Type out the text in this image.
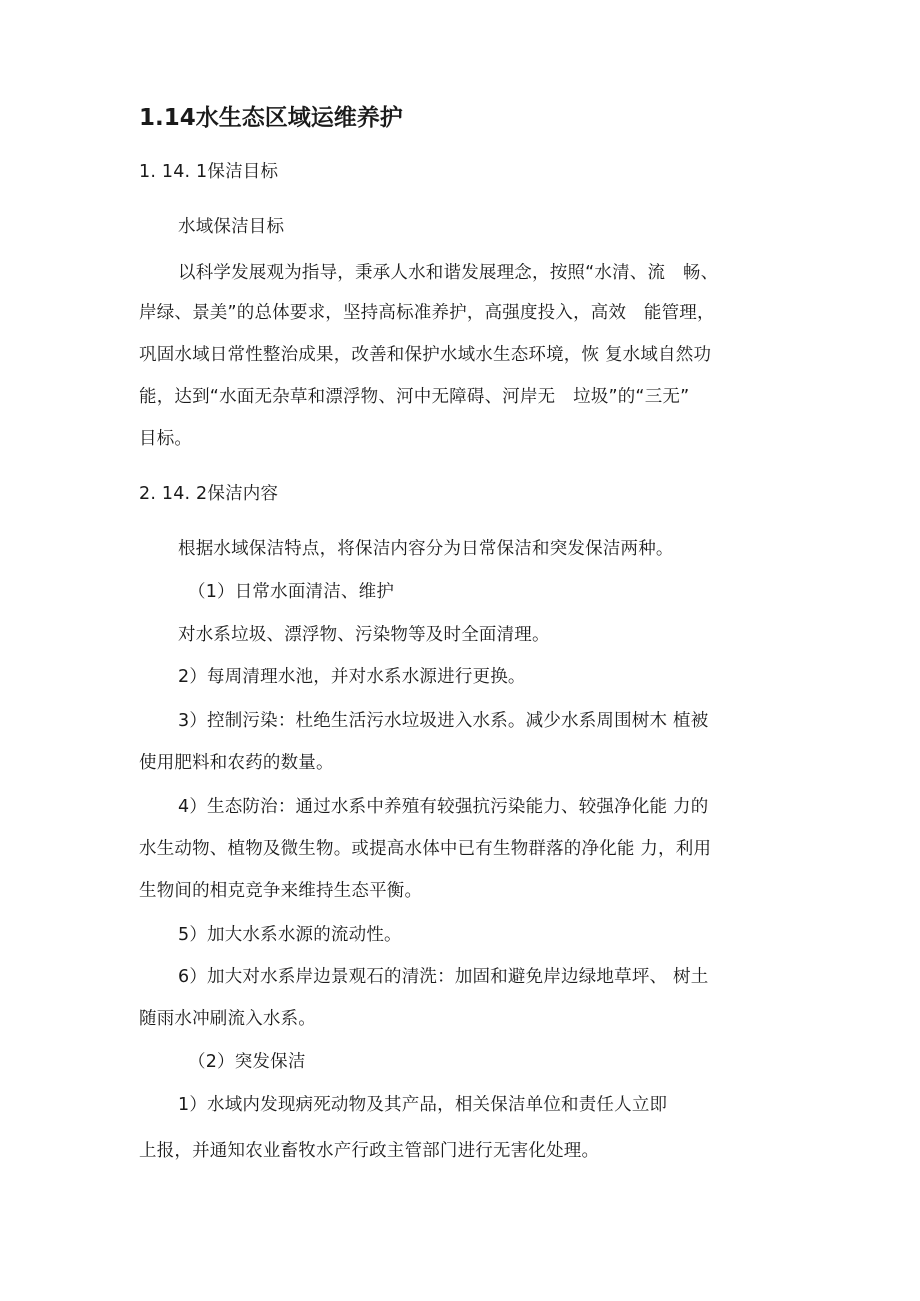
1.14水生态区域运维养护
1. 14. 1保洁目标
水域保洁目标
以科学发展观为指导，秉承人水和谐发展理念，按照“水清、流　畅、
岸绿、景美”的总体要求，坚持高标准养护，高强度投入，高效　能管理，
巩固水域日常性整治成果，改善和保护水域水生态环境，恢 复水域自然功
能，达到“水面无杂草和漂浮物、河中无障碍、河岸无　垃圾”的“三无”
目标。
2. 14. 2保洁内容
根据水域保洁特点，将保洁内容分为日常保洁和突发保洁两种。
（1）日常水面清洁、维护
对水系垃圾、漂浮物、污染物等及时全面清理。
2）每周清理水池，并对水系水源进行更换。
3）控制污染：杜绝生活污水垃圾进入水系。减少水系周围树木 植被
使用肥料和农药的数量。
4）生态防治：通过水系中养殖有较强抗污染能力、较强净化能 力的
水生动物、植物及微生物。或提高水体中已有生物群落的净化能 力，利用
生物间的相克竞争来维持生态平衡。
5）加大水系水源的流动性。
6）加大对水系岸边景观石的清洗：加固和避免岸边绿地草坪、 树土
随雨水冲刷流入水系。
（2）突发保洁
1）水域内发现病死动物及其产品，相关保洁单位和责任人立即
上报，并通知农业畜牧水产行政主管部门进行无害化处理。
